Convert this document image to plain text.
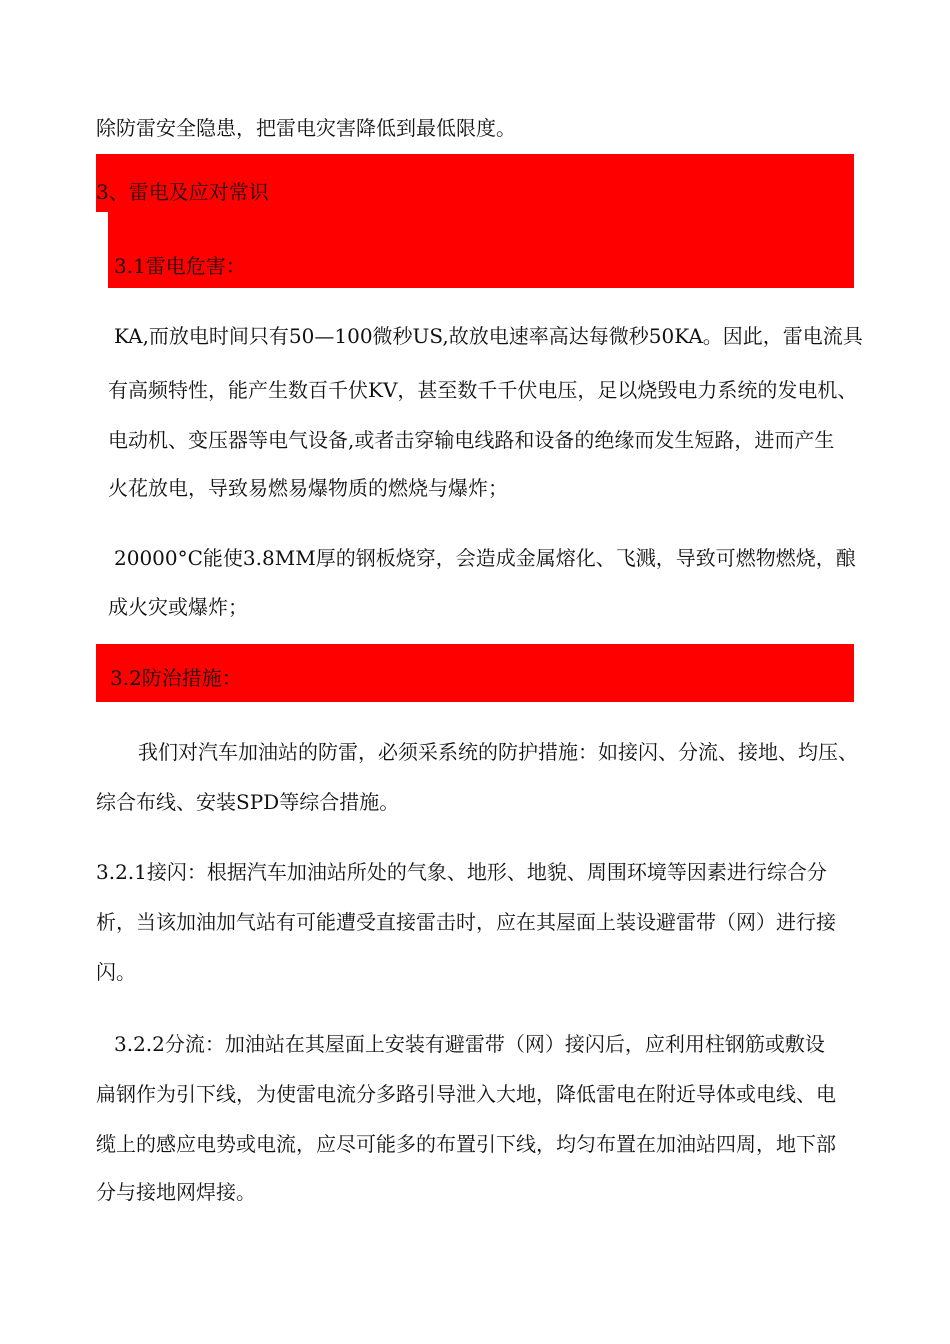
除防雷安全隐患，把雷电灾害降低到最低限度。
3、雷电及应对常识
3.1雷电危害：
KA,而放电时间只有50—100微秒US,故放电速率高达每微秒50KA。因此，雷电流具
有高频特性，能产生数百千伏KV，甚至数千千伏电压，足以烧毁电力系统的发电机、
电动机、变压器等电气设备,或者击穿输电线路和设备的绝缘而发生短路，进而产生
火花放电，导致易燃易爆物质的燃烧与爆炸；
20000°C能使3.8MM厚的钢板烧穿，会造成金属熔化、飞溅，导致可燃物燃烧，酿
成火灾或爆炸；
3.2防治措施：
我们对汽车加油站的防雷，必须采系统的防护措施：如接闪、分流、接地、均压、
综合布线、安装SPD等综合措施。
3.2.1接闪：根据汽车加油站所处的气象、地形、地貌、周围环境等因素进行综合分
析，当该加油加气站有可能遭受直接雷击时，应在其屋面上装设避雷带（网）进行接
闪。
3.2.2分流：加油站在其屋面上安装有避雷带（网）接闪后，应利用柱钢筋或敷设
扁钢作为引下线，为使雷电流分多路引导泄入大地，降低雷电在附近导体或电线、电
缆上的感应电势或电流，应尽可能多的布置引下线，均匀布置在加油站四周，地下部
分与接地网焊接。
